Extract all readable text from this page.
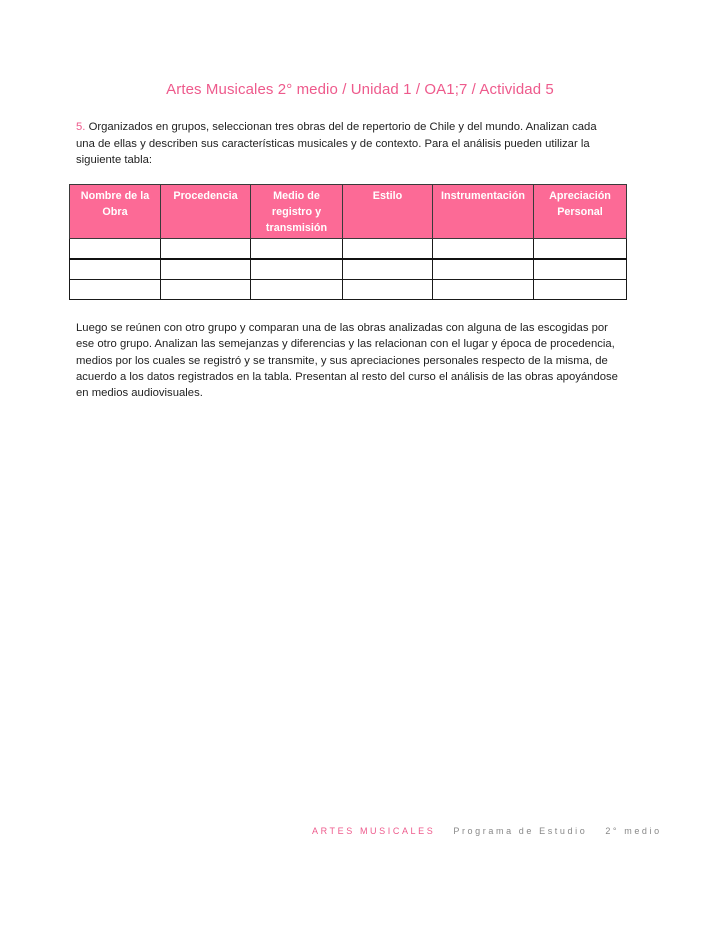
Artes Musicales 2° medio / Unidad 1 / OA1;7 / Actividad 5
5. Organizados en grupos, seleccionan tres obras del de repertorio de Chile y del mundo. Analizan cada una de ellas y describen sus características musicales y de contexto. Para el análisis pueden utilizar la siguiente tabla:
Nombre de la Obra	Procedencia	Medio de registro y transmisión	Estilo	Instrumentación	Apreciación Personal

Luego se reúnen con otro grupo y comparan una de las obras analizadas con alguna de las escogidas por ese otro grupo. Analizan las semejanzas y diferencias y las relacionan con el lugar y época de procedencia, medios por los cuales se registró y se transmite, y sus apreciaciones personales respecto de la misma, de acuerdo a los datos registrados en la tabla. Presentan al resto del curso el análisis de las obras apoyándose en medios audiovisuales.
ARTES MUSICALES Programa de Estudio 2° medio
